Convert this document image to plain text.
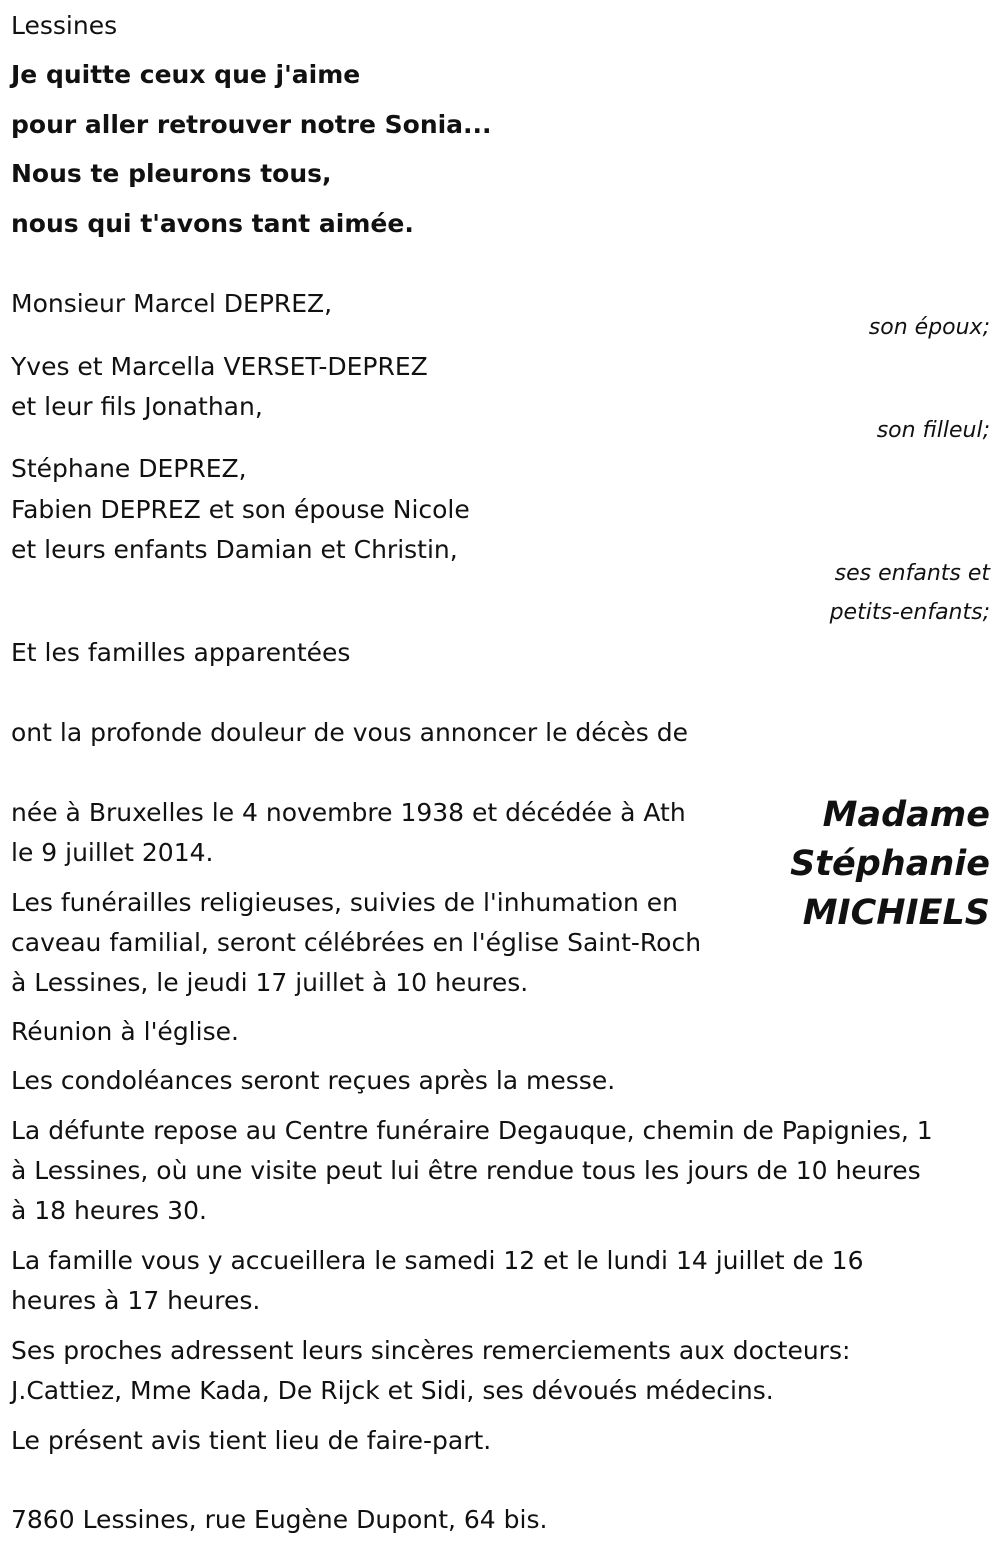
Lessines

Je quitte ceux que j'aime

pour aller retrouver notre Sonia...

Nous te pleurons tous,

nous qui t'avons tant aimée.

Monsieur Marcel DEPREZ,

son époux;

Yves et Marcella VERSET-DEPREZ

et leur fils Jonathan,

son filleul;

Stéphane DEPREZ,

Fabien DEPREZ et son épouse Nicole

et leurs enfants Damian et Christin,

ses enfants et

petits-enfants;

Et les familles apparentées

ont la profonde douleur de vous annoncer le décès de

Madame
Stéphanie
MICHIELS

née à Bruxelles le 4 novembre 1938 et décédée à Ath

le 9 juillet 2014.

Les funérailles religieuses, suivies de l'inhumation en

caveau familial, seront célébrées en l'église Saint-Roch

à Lessines, le jeudi 17 juillet à 10 heures.

Réunion à l'église.

Les condoléances seront reçues après la messe.

La défunte repose au Centre funéraire Degauque, chemin de Papignies, 1

à Lessines, où une visite peut lui être rendue tous les jours de 10 heures

à 18 heures 30.

La famille vous y accueillera le samedi 12 et le lundi 14 juillet de 16

heures à 17 heures.

Ses proches adressent leurs sincères remerciements aux docteurs:

J.Cattiez, Mme Kada, De Rijck et Sidi, ses dévoués médecins.

Le présent avis tient lieu de faire-part.

7860 Lessines, rue Eugène Dupont, 64 bis.
